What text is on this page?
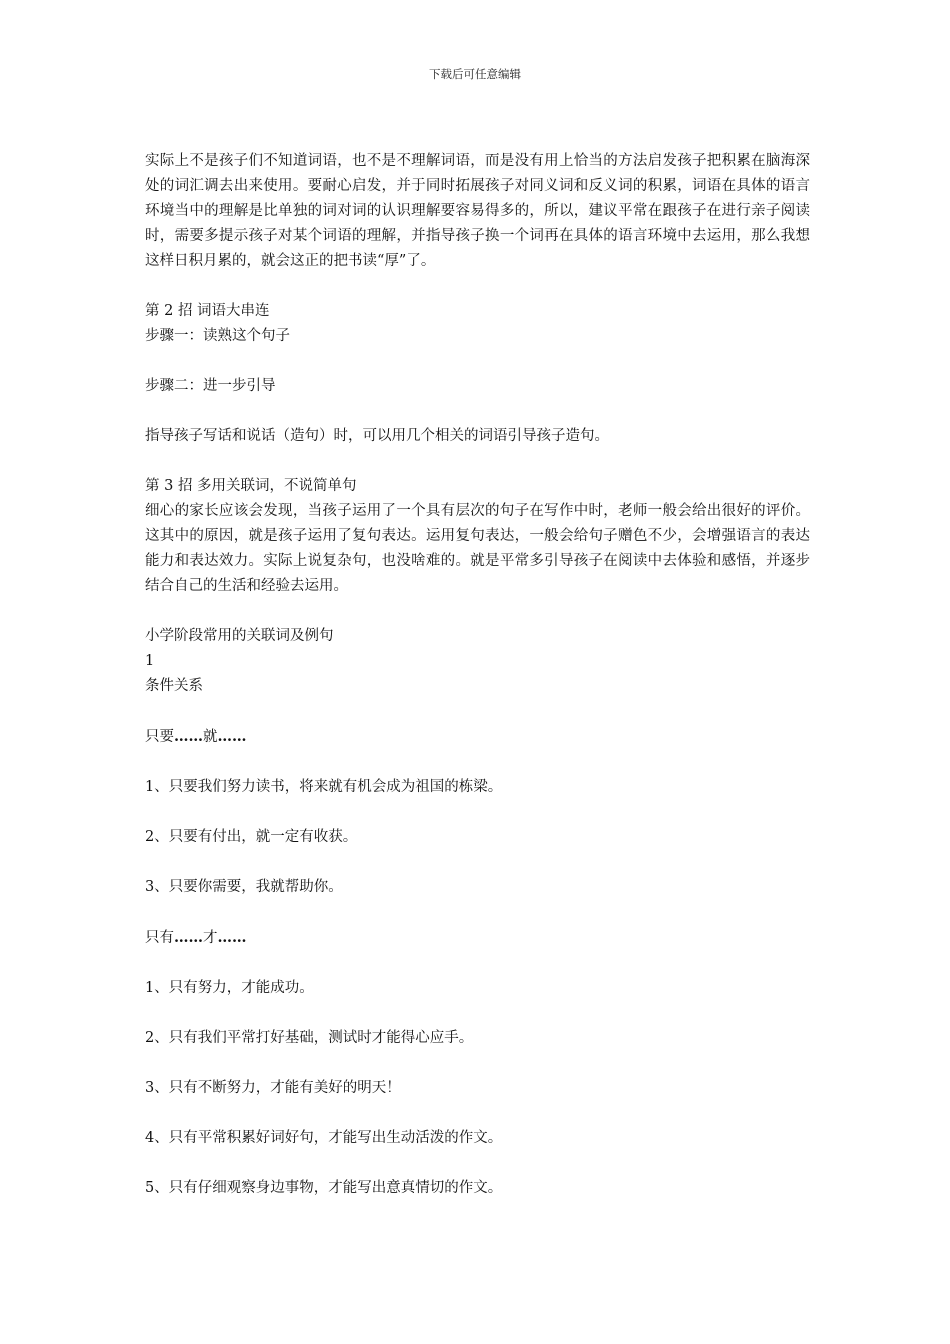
下载后可任意编辑

实际上不是孩子们不知道词语，也不是不理解词语，而是没有用上恰当的方法启发孩子把积累在脑海深处的词汇调去出来使用。要耐心启发，并于同时拓展孩子对同义词和反义词的积累，词语在具体的语言环境当中的理解是比单独的词对词的认识理解要容易得多的，所以，建议平常在跟孩子在进行亲子阅读时，需要多提示孩子对某个词语的理解，并指导孩子换一个词再在具体的语言环境中去运用，那么我想这样日积月累的，就会这正的把书读“厚”了。

第 2 招 词语大串连

步骤一：读熟这个句子

步骤二：进一步引导

指导孩子写话和说话（造句）时，可以用几个相关的词语引导孩子造句。

第 3 招 多用关联词，不说简单句

细心的家长应该会发现，当孩子运用了一个具有层次的句子在写作中时，老师一般会给出很好的评价。这其中的原因，就是孩子运用了复句表达。运用复句表达，一般会给句子赠色不少，会增强语言的表达能力和表达效力。实际上说复杂句，也没啥难的。就是平常多引导孩子在阅读中去体验和感悟，并逐步结合自己的生活和经验去运用。

小学阶段常用的关联词及例句

1

条件关系

只要……就……

1、只要我们努力读书，将来就有机会成为祖国的栋梁。

2、只要有付出，就一定有收获。

3、只要你需要，我就帮助你。

只有……才……

1、只有努力，才能成功。

2、只有我们平常打好基础，测试时才能得心应手。

3、只有不断努力，才能有美好的明天！

4、只有平常积累好词好句，才能写出生动活泼的作文。

5、只有仔细观察身边事物，才能写出意真情切的作文。
